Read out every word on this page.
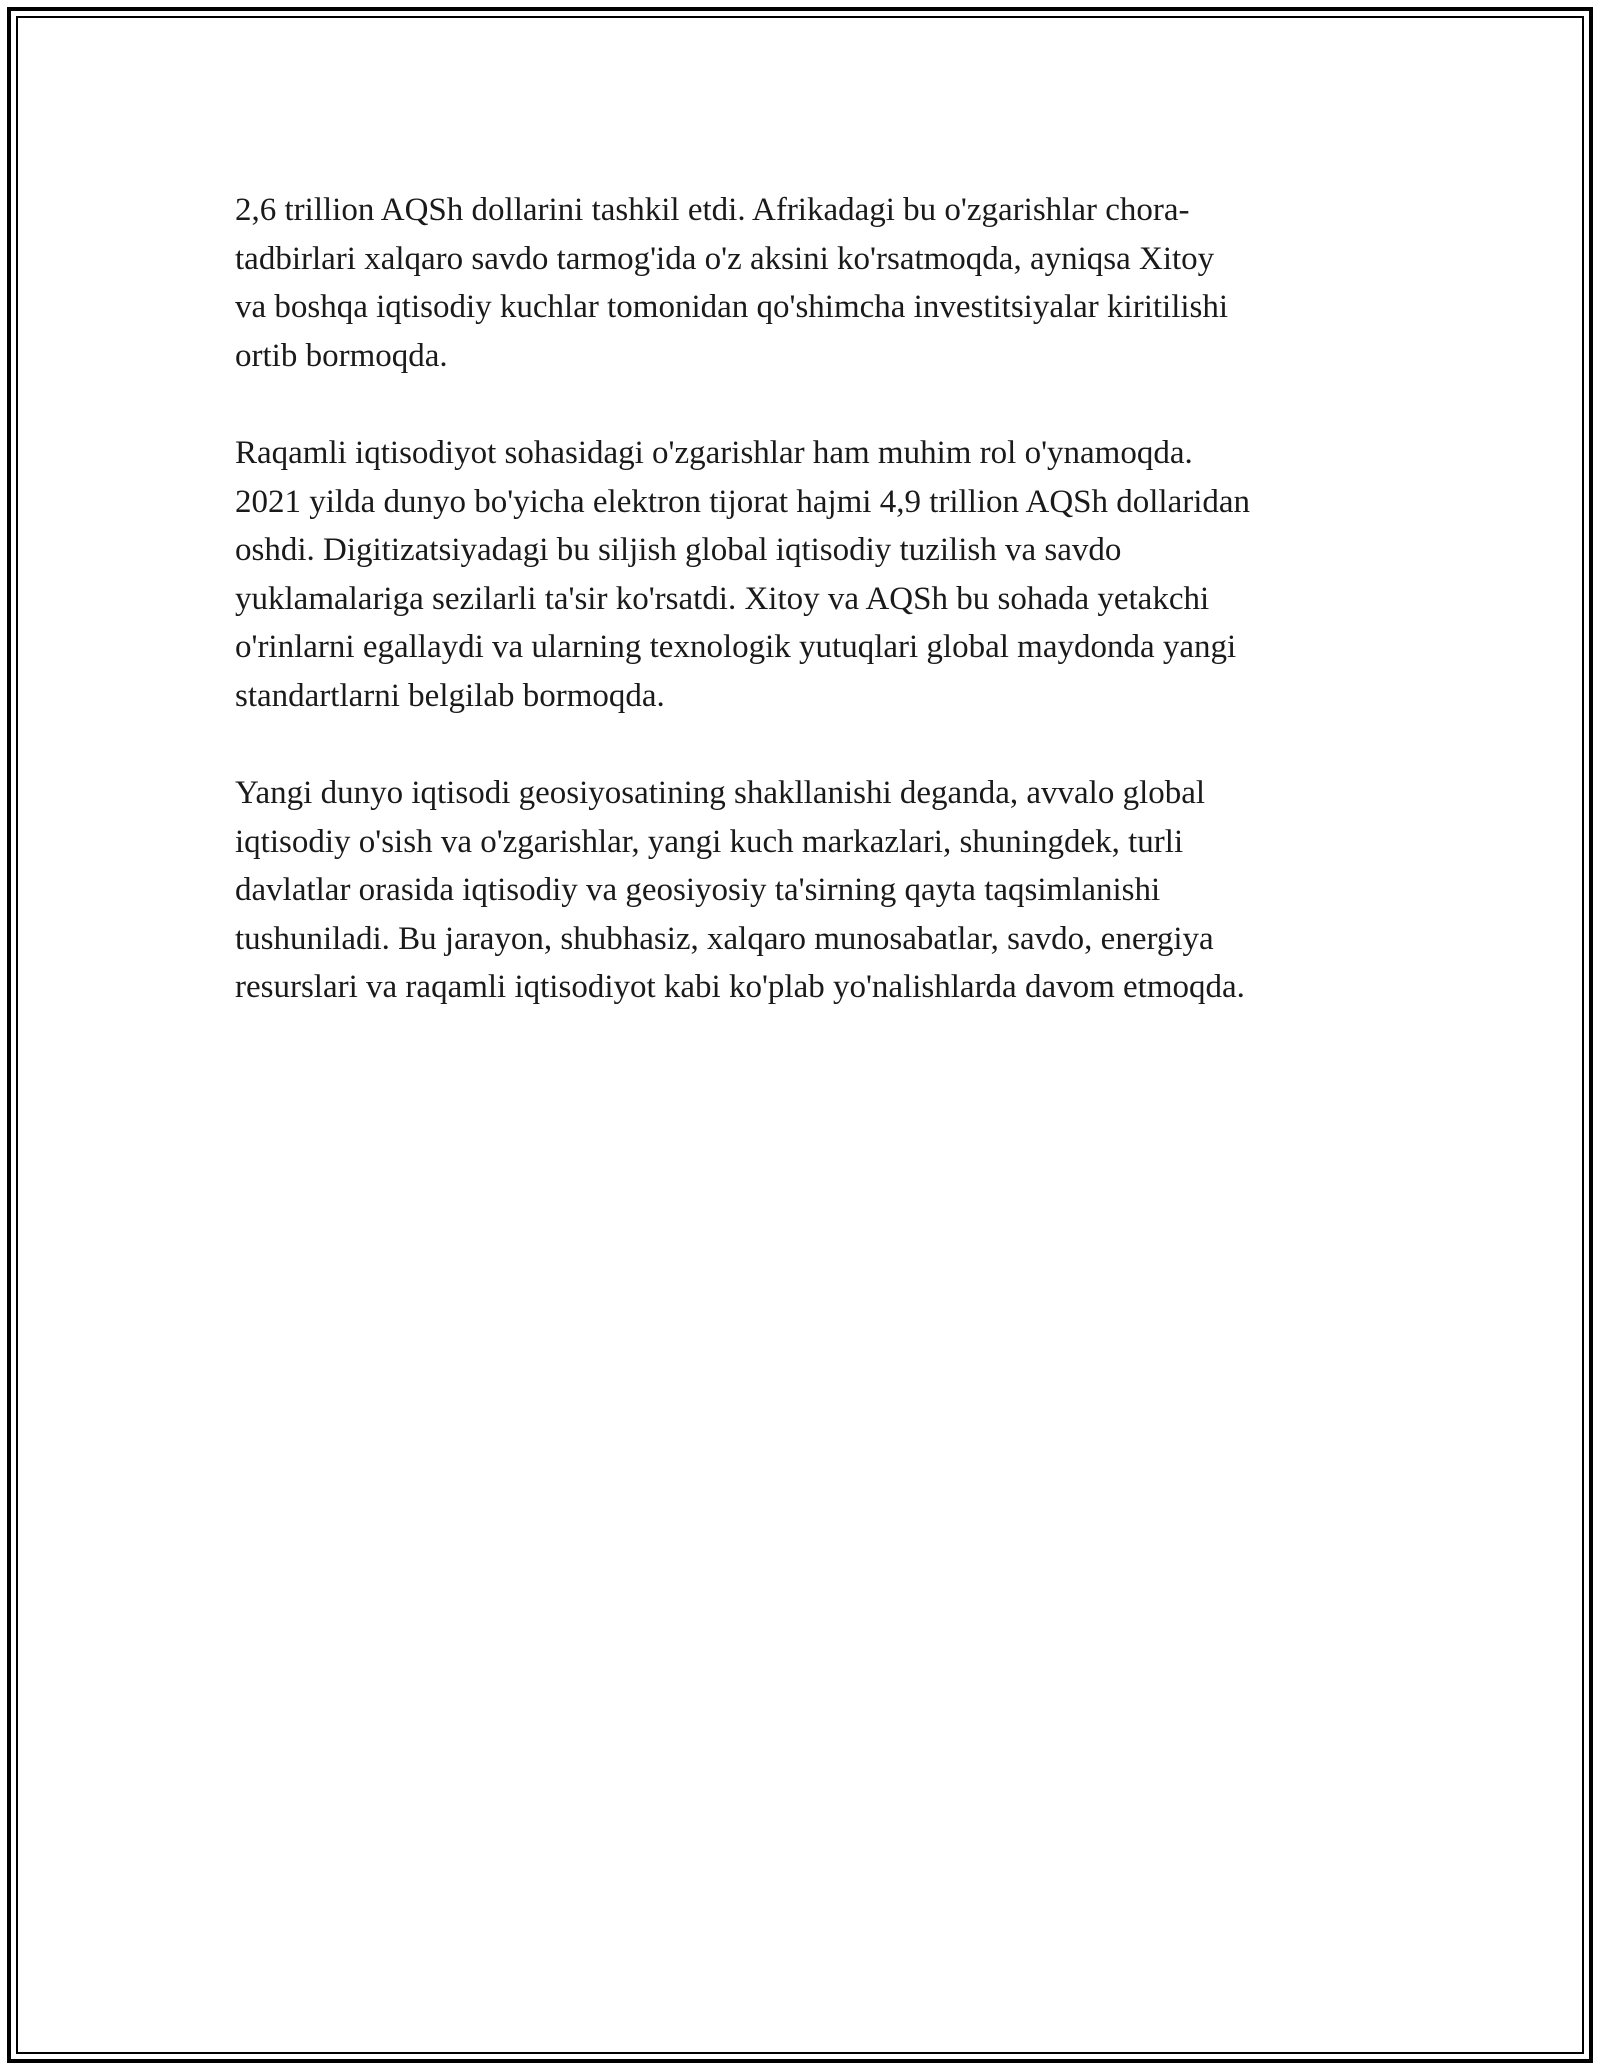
2,6 trillion AQSh dollarini tashkil etdi. Afrikadagi bu o'zgarishlar chora-
tadbirlari xalqaro savdo tarmog'ida o'z aksini ko'rsatmoqda, ayniqsa Xitoy
va boshqa iqtisodiy kuchlar tomonidan qo'shimcha investitsiyalar kiritilishi
ortib bormoqda.

Raqamli iqtisodiyot sohasidagi o'zgarishlar ham muhim rol o'ynamoqda.
2021 yilda dunyo bo'yicha elektron tijorat hajmi 4,9 trillion AQSh dollaridan
oshdi. Digitizatsiyadagi bu siljish global iqtisodiy tuzilish va savdo
yuklamalariga sezilarli ta'sir ko'rsatdi. Xitoy va AQSh bu sohada yetakchi
o'rinlarni egallaydi va ularning texnologik yutuqlari global maydonda yangi
standartlarni belgilab bormoqda.

Yangi dunyo iqtisodi geosiyosatining shakllanishi deganda, avvalo global
iqtisodiy o'sish va o'zgarishlar, yangi kuch markazlari, shuningdek, turli
davlatlar orasida iqtisodiy va geosiyosiy ta'sirning qayta taqsimlanishi
tushuniladi. Bu jarayon, shubhasiz, xalqaro munosabatlar, savdo, energiya
resurslari va raqamli iqtisodiyot kabi ko'plab yo'nalishlarda davom etmoqda.
